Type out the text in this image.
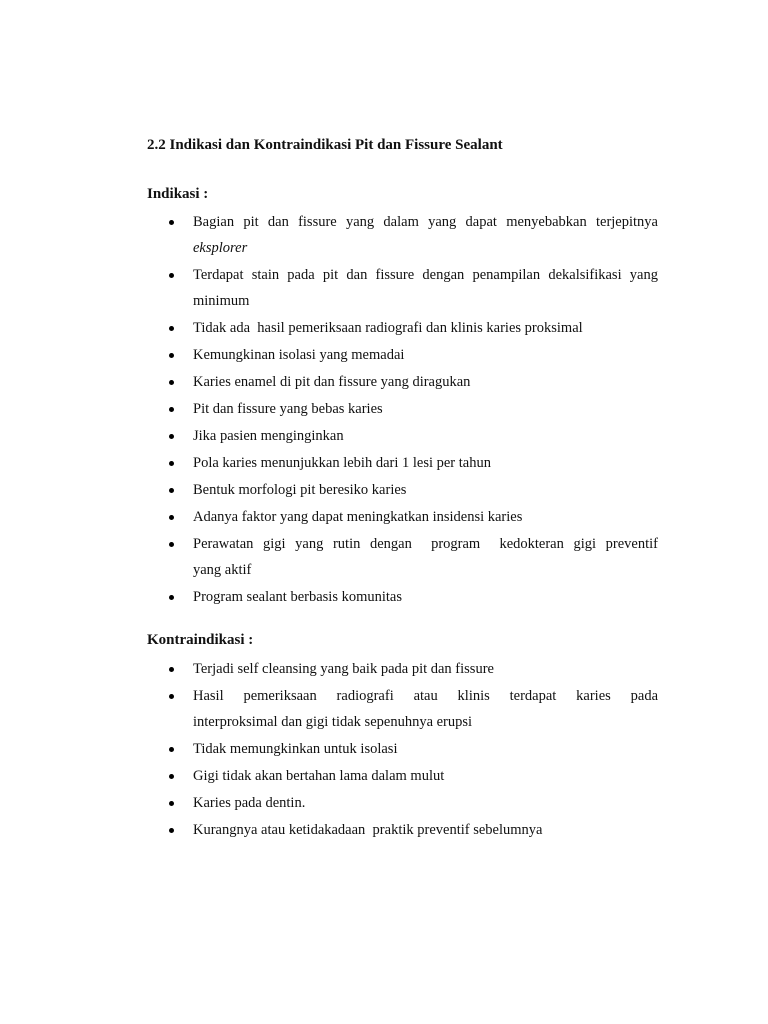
2.2 Indikasi dan Kontraindikasi Pit dan Fissure Sealant
Indikasi :
Bagian pit dan fissure yang dalam yang dapat menyebabkan terjepitnya
eksplorer
Terdapat stain pada pit dan fissure dengan penampilan dekalsifikasi yang
minimum
Tidak ada  hasil pemeriksaan radiografi dan klinis karies proksimal
Kemungkinan isolasi yang memadai
Karies enamel di pit dan fissure yang diragukan
Pit dan fissure yang bebas karies
Jika pasien menginginkan
Pola karies menunjukkan lebih dari 1 lesi per tahun
Bentuk morfologi pit beresiko karies
Adanya faktor yang dapat meningkatkan insidensi karies
Perawatan gigi yang rutin dengan  program  kedokteran gigi preventif
yang aktif
Program sealant berbasis komunitas
Kontraindikasi :
Terjadi self cleansing yang baik pada pit dan fissure
Hasil pemeriksaan radiografi atau klinis terdapat karies pada
interproksimal dan gigi tidak sepenuhnya erupsi
Tidak memungkinkan untuk isolasi
Gigi tidak akan bertahan lama dalam mulut
Karies pada dentin.
Kurangnya atau ketidakadaan  praktik preventif sebelumnya
